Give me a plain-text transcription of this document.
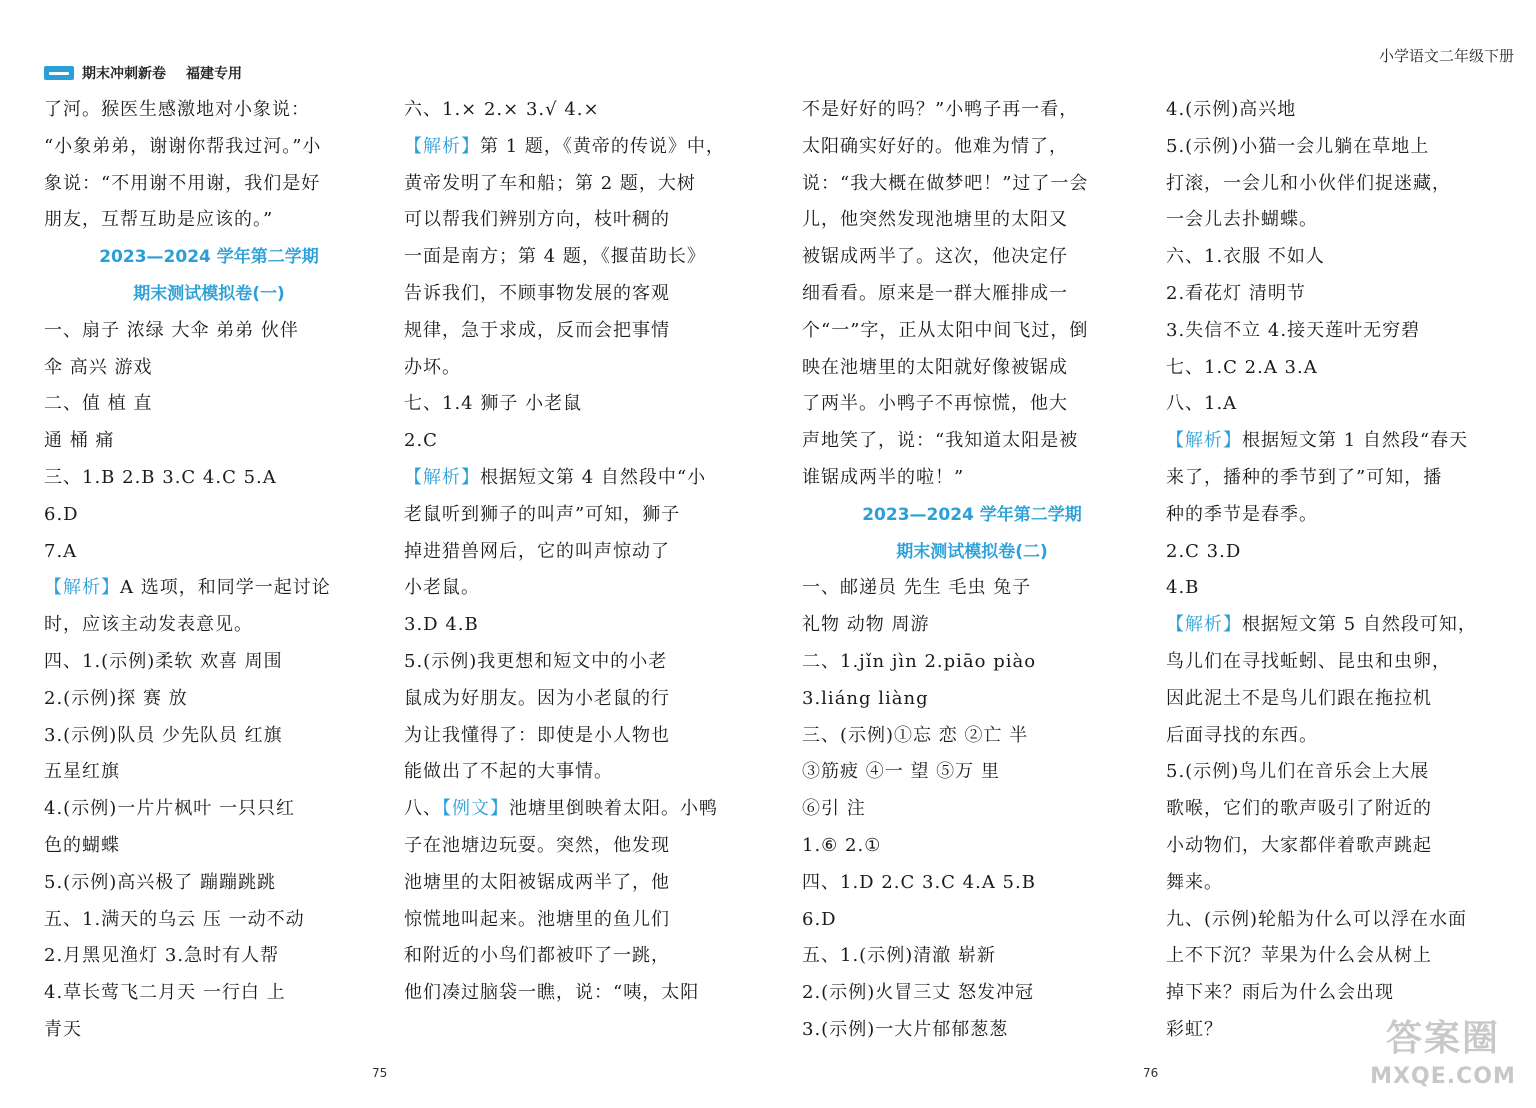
期末冲刺新卷 福建专用
小学语文二年级下册
了河。猴医生感激地对小象说：
“小象弟弟，谢谢你帮我过河。”小
象说：“不用谢不用谢，我们是好
朋友，互帮互助是应该的。”
2023—2024 学年第二学期
期末测试模拟卷(一)
一、扇子 浓绿 大伞 弟弟 伙伴
伞 高兴 游戏
二、值 植 直
通 桶 痛
三、1.B 2.B 3.C 4.C 5.A
6.D
7.A
【解析】A 选项，和同学一起讨论
时，应该主动发表意见。
四、1.(示例)柔软 欢喜 周围
2.(示例)探 赛 放
3.(示例)队员 少先队员 红旗
五星红旗
4.(示例)一片片枫叶 一只只红
色的蝴蝶
5.(示例)高兴极了 蹦蹦跳跳
五、1.满天的乌云 压 一动不动
2.月黑见渔灯 3.急时有人帮
4.草长莺飞二月天 一行白 上
青天
六、1.× 2.× 3.√ 4.×
【解析】第 1 题，《黄帝的传说》中，
黄帝发明了车和船；第 2 题，大树
可以帮我们辨别方向，枝叶稠的
一面是南方；第 4 题，《揠苗助长》
告诉我们，不顾事物发展的客观
规律，急于求成，反而会把事情
办坏。
七、1.4 狮子 小老鼠
2.C
【解析】根据短文第 4 自然段中“小
老鼠听到狮子的叫声”可知，狮子
掉进猎兽网后，它的叫声惊动了
小老鼠。
3.D 4.B
5.(示例)我更想和短文中的小老
鼠成为好朋友。因为小老鼠的行
为让我懂得了：即使是小人物也
能做出了不起的大事情。
八、【例文】池塘里倒映着太阳。小鸭
子在池塘边玩耍。突然，他发现
池塘里的太阳被锯成两半了，他
惊慌地叫起来。池塘里的鱼儿们
和附近的小鸟们都被吓了一跳，
他们凑过脑袋一瞧，说：“咦，太阳
不是好好的吗？”小鸭子再一看，
太阳确实好好的。他难为情了，
说：“我大概在做梦吧！”过了一会
儿，他突然发现池塘里的太阳又
被锯成两半了。这次，他决定仔
细看看。原来是一群大雁排成一
个“一”字，正从太阳中间飞过，倒
映在池塘里的太阳就好像被锯成
了两半。小鸭子不再惊慌，他大
声地笑了，说：“我知道太阳是被
谁锯成两半的啦！”
2023—2024 学年第二学期
期末测试模拟卷(二)
一、邮递员 先生 毛虫 兔子
礼物 动物 周游
二、1.jǐn jìn 2.piāo piào
3.liáng liàng
三、(示例)①忘 恋 ②亡 半
③筋疲 ④一 望 ⑤万 里
⑥引 注
1.⑥ 2.①
四、1.D 2.C 3.C 4.A 5.B
6.D
五、1.(示例)清澈 崭新
2.(示例)火冒三丈 怒发冲冠
3.(示例)一大片郁郁葱葱
4.(示例)高兴地
5.(示例)小猫一会儿躺在草地上
打滚，一会儿和小伙伴们捉迷藏，
一会儿去扑蝴蝶。
六、1.衣服 不如人
2.看花灯 清明节
3.失信不立 4.接天莲叶无穷碧
七、1.C 2.A 3.A
八、1.A
【解析】根据短文第 1 自然段“春天
来了，播种的季节到了”可知，播
种的季节是春季。
2.C 3.D
4.B
【解析】根据短文第 5 自然段可知，
鸟儿们在寻找蚯蚓、昆虫和虫卵，
因此泥土不是鸟儿们跟在拖拉机
后面寻找的东西。
5.(示例)鸟儿们在音乐会上大展
歌喉，它们的歌声吸引了附近的
小动物们，大家都伴着歌声跳起
舞来。
九、(示例)轮船为什么可以浮在水面
上不下沉？苹果为什么会从树上
掉下来？雨后为什么会出现
彩虹？
75	76
答案圈
MXQE.COM
